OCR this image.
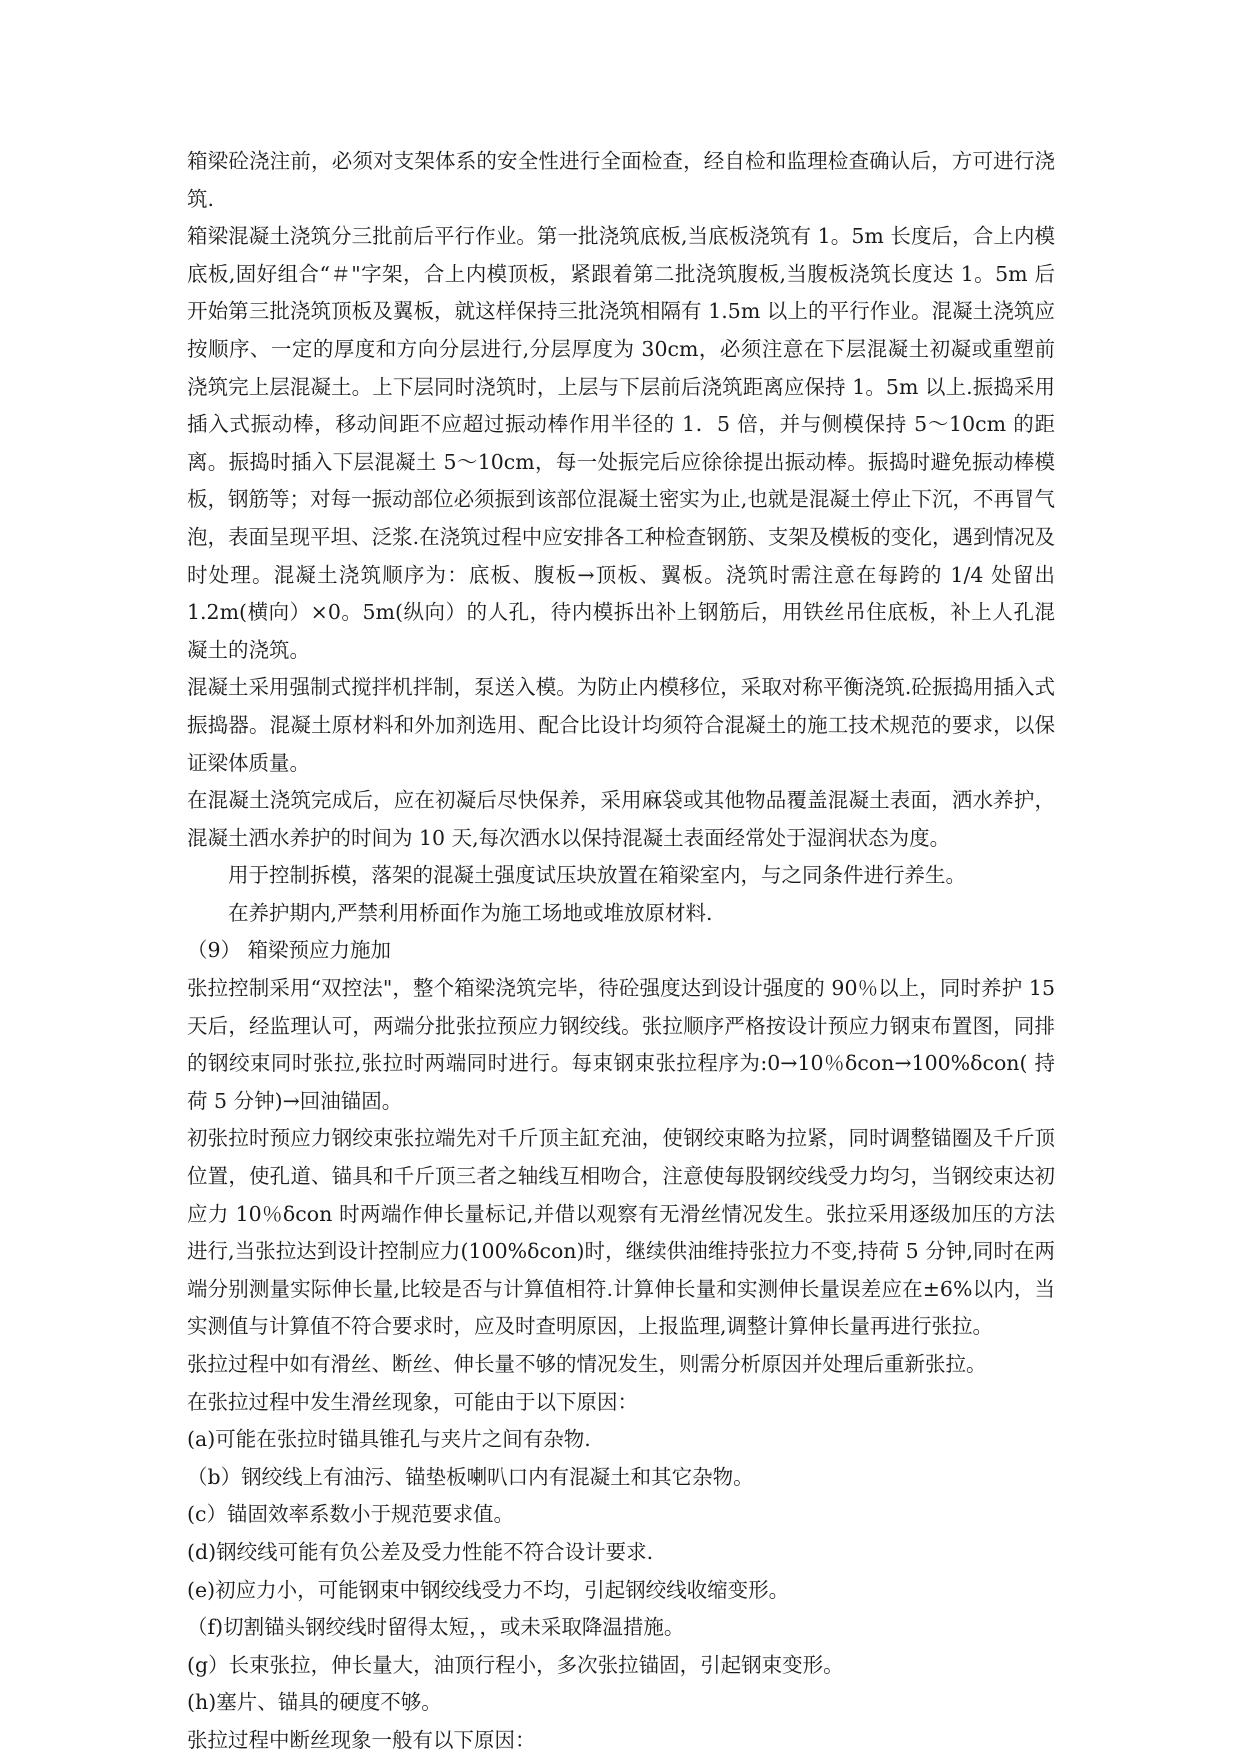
箱梁砼浇注前，必须对支架体系的安全性进行全面检查，经自检和监理检查确认后，方可进行浇筑.

箱梁混凝土浇筑分三批前后平行作业。第一批浇筑底板,当底板浇筑有 1。5m 长度后，合上内模底板,固好组合“＃"字架，合上内模顶板，紧跟着第二批浇筑腹板,当腹板浇筑长度达 1。5m 后开始第三批浇筑顶板及翼板，就这样保持三批浇筑相隔有 1.5m 以上的平行作业。混凝土浇筑应按顺序、一定的厚度和方向分层进行,分层厚度为 30cm，必须注意在下层混凝土初凝或重塑前浇筑完上层混凝土。上下层同时浇筑时，上层与下层前后浇筑距离应保持 1。5m 以上.振捣采用插入式振动棒，移动间距不应超过振动棒作用半径的 1．5 倍，并与侧模保持 5～10cm 的距离。振捣时插入下层混凝土 5～10cm，每一处振完后应徐徐提出振动棒。振捣时避免振动棒模板，钢筋等；对每一振动部位必须振到该部位混凝土密实为止,也就是混凝土停止下沉，不再冒气泡，表面呈现平坦、泛浆.在浇筑过程中应安排各工种检查钢筋、支架及模板的变化，遇到情况及时处理。混凝土浇筑顺序为：底板、腹板→顶板、翼板。浇筑时需注意在每跨的 1/4 处留出 1.2m(横向）×0。5m(纵向）的人孔，待内模拆出补上钢筋后，用铁丝吊住底板，补上人孔混凝土的浇筑。

混凝土采用强制式搅拌机拌制，泵送入模。为防止内模移位，采取对称平衡浇筑.砼振捣用插入式振捣器。混凝土原材料和外加剂选用、配合比设计均须符合混凝土的施工技术规范的要求，以保证梁体质量。

在混凝土浇筑完成后，应在初凝后尽快保养，采用麻袋或其他物品覆盖混凝土表面，洒水养护，混凝土洒水养护的时间为 10 天,每次洒水以保持混凝土表面经常处于湿润状态为度。

用于控制拆模，落架的混凝土强度试压块放置在箱梁室内，与之同条件进行养生。

在养护期内,严禁利用桥面作为施工场地或堆放原材料.

（9） 箱梁预应力施加

张拉控制采用“双控法"，整个箱梁浇筑完毕，待砼强度达到设计强度的 90％以上，同时养护 15 天后，经监理认可，两端分批张拉预应力钢绞线。张拉顺序严格按设计预应力钢束布置图，同排的钢绞束同时张拉,张拉时两端同时进行。每束钢束张拉程序为:0→10％δcon→100%δcon( 持荷 5 分钟)→回油锚固。

初张拉时预应力钢绞束张拉端先对千斤顶主缸充油，使钢绞束略为拉紧，同时调整锚圈及千斤顶位置，使孔道、锚具和千斤顶三者之轴线互相吻合，注意使每股钢绞线受力均匀，当钢绞束达初应力 10％δcon 时两端作伸长量标记,并借以观察有无滑丝情况发生。张拉采用逐级加压的方法进行,当张拉达到设计控制应力(100%δcon)时，继续供油维持张拉力不变,持荷 5 分钟,同时在两端分别测量实际伸长量,比较是否与计算值相符.计算伸长量和实测伸长量误差应在±6%以内，当实测值与计算值不符合要求时，应及时查明原因，上报监理,调整计算伸长量再进行张拉。

张拉过程中如有滑丝、断丝、伸长量不够的情况发生，则需分析原因并处理后重新张拉。

在张拉过程中发生滑丝现象，可能由于以下原因：

(a)可能在张拉时锚具锥孔与夹片之间有杂物.

（b）钢绞线上有油污、锚垫板喇叭口内有混凝土和其它杂物。

(c）锚固效率系数小于规范要求值。

(d)钢绞线可能有负公差及受力性能不符合设计要求.

(e)初应力小，可能钢束中钢绞线受力不均，引起钢绞线收缩变形。

（f)切割锚头钢绞线时留得太短，，或未采取降温措施。

(g）长束张拉，伸长量大，油顶行程小，多次张拉锚固，引起钢束变形。

(h)塞片、锚具的硬度不够。

张拉过程中断丝现象一般有以下原因：
